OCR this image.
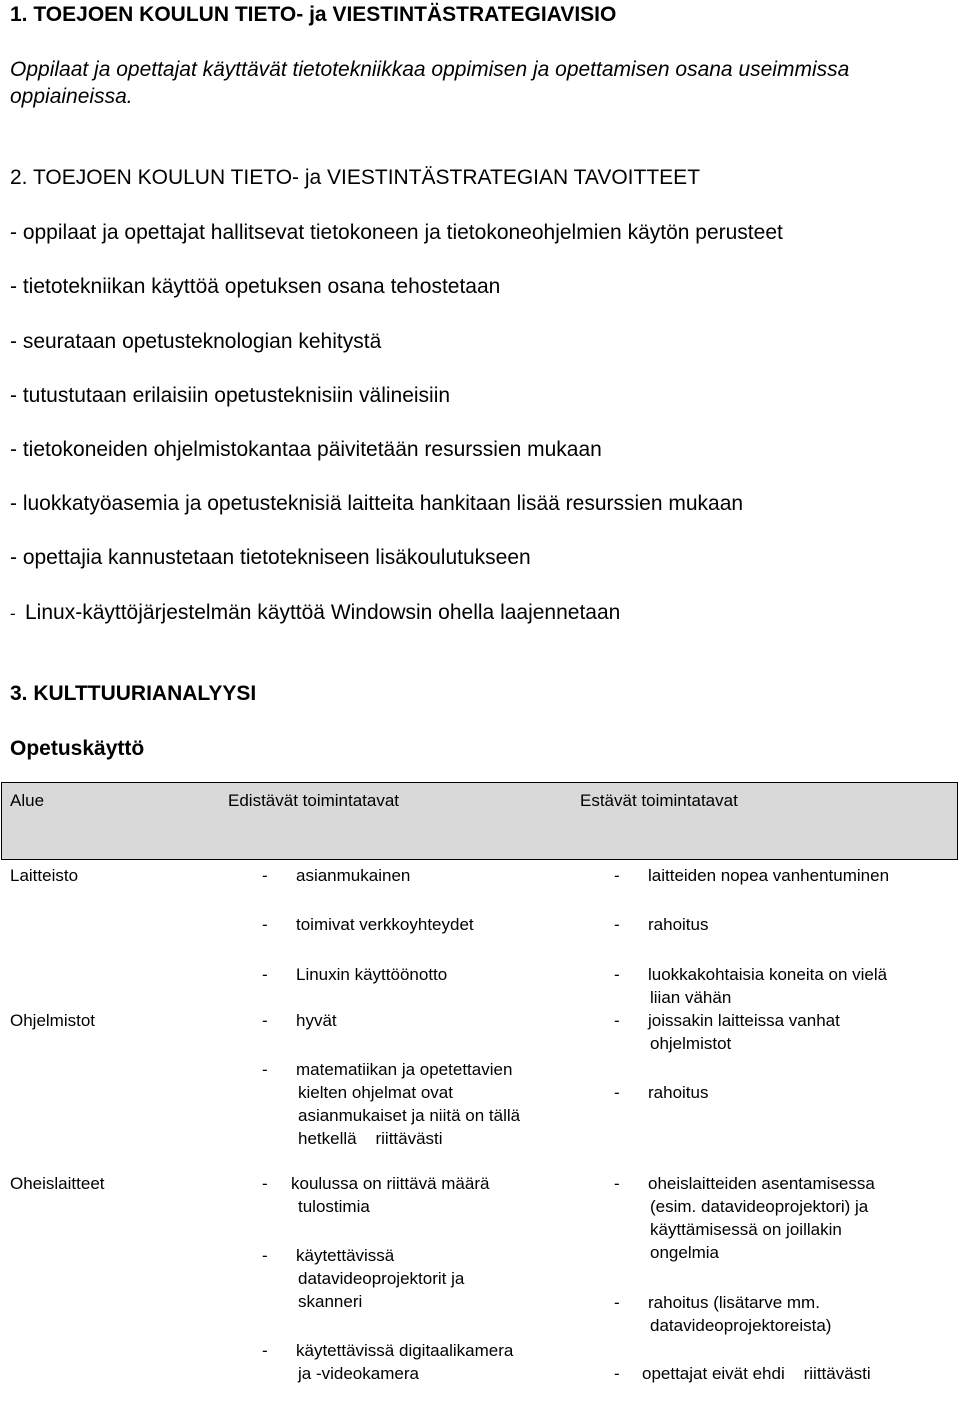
1. TOEJOEN KOULUN TIETO- ja VIESTINTÄSTRATEGIAVISIO
Oppilaat ja opettajat käyttävät tietotekniikkaa oppimisen ja opettamisen osana useimmissa
oppiaineissa.
2. TOEJOEN KOULUN TIETO- ja VIESTINTÄSTRATEGIAN TAVOITTEET
- oppilaat ja opettajat hallitsevat tietokoneen ja tietokoneohjelmien käytön perusteet
- tietotekniikan käyttöä opetuksen osana tehostetaan
- seurataan opetusteknologian kehitystä
- tutustutaan erilaisiin opetusteknisiin välineisiin
- tietokoneiden ohjelmistokantaa päivitetään resurssien mukaan
- luokkatyöasemia ja opetusteknisiä laitteita hankitaan lisää resurssien mukaan
- opettajia kannustetaan tietotekniseen lisäkoulutukseen
- Linux-käyttöjärjestelmän käyttöä Windowsin ohella laajennetaan
3. KULTTUURIANALYYSI
Opetuskäyttö
Alue	Edistävät toimintatavat	Estävät toimintatavat
Laitteisto
Ohjelmistot
Oheislaitteet
- asianmukainen
- toimivat verkkoyhteydet
- Linuxin käyttöönotto
- laitteiden nopea vanhentuminen
- rahoitus
- luokkakohtaisia koneita on vielä
liian vähän
- hyvät
- matematiikan ja opetettavien
kielten ohjelmat ovat
asianmukaiset ja niitä on tällä
hetkellä    riittävästi
- joissakin laitteissa vanhat
ohjelmistot
- rahoitus
- koulussa on riittävä määrä
tulostimia
- käytettävissä
datavideoprojektorit ja
skanneri
- käytettävissä digitaalikamera
ja -videokamera
- oheislaitteiden asentamisessa
(esim. datavideoprojektori) ja
käyttämisessä on joillakin
ongelmia
- rahoitus (lisätarve mm.
datavideoprojektoreista)
- opettajat eivät ehdi    riittävästi
